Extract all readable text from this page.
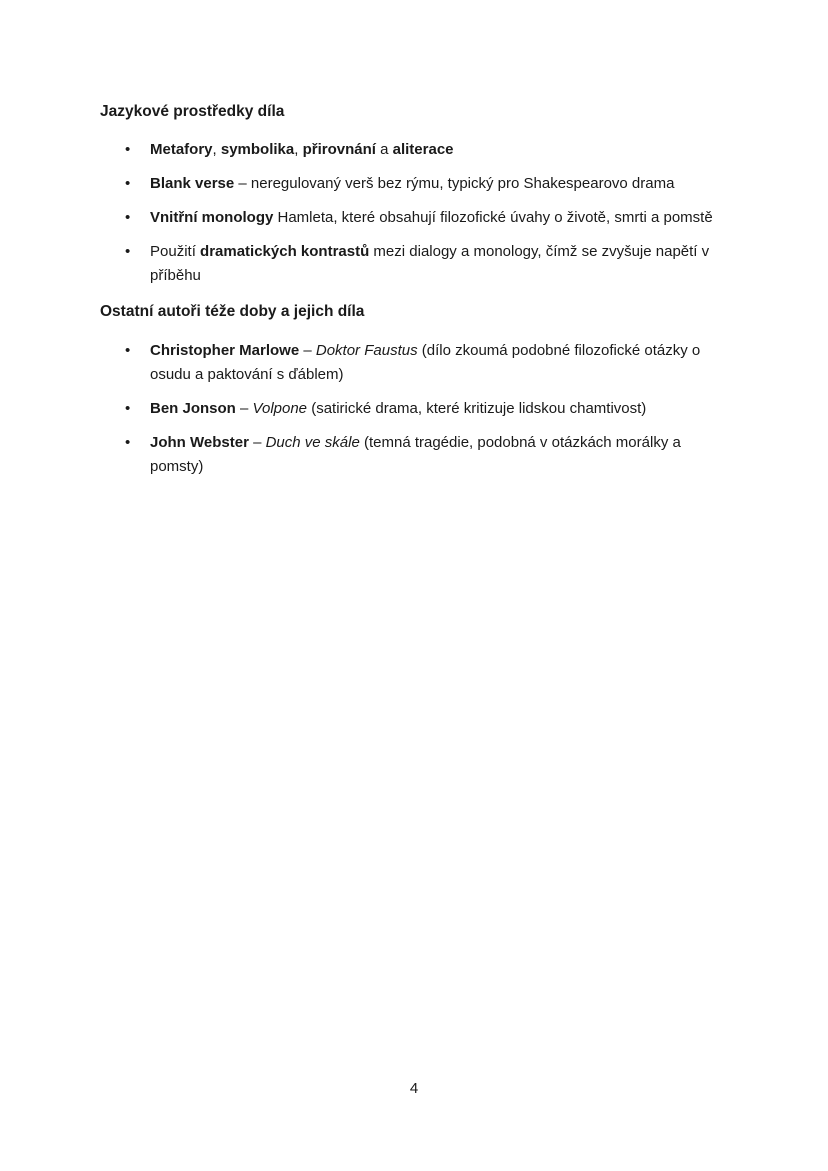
Jazykové prostředky díla
• Metafory, symbolika, přirovnání a aliterace
• Blank verse – neregulovaný verš bez rýmu, typický pro Shakespearovo drama
• Vnitřní monology Hamleta, které obsahují filozofické úvahy o životě, smrti a pomstě
• Použití dramatických kontrastů mezi dialogy a monology, čímž se zvyšuje napětí v příběhu
Ostatní autoři téže doby a jejich díla
• Christopher Marlowe – Doktor Faustus (dílo zkoumá podobné filozofické otázky o osudu a paktování s ďáblem)
• Ben Jonson – Volpone (satirické drama, které kritizuje lidskou chamtivost)
• John Webster – Duch ve skále (temná tragédie, podobná v otázkách morálky a pomsty)
4
